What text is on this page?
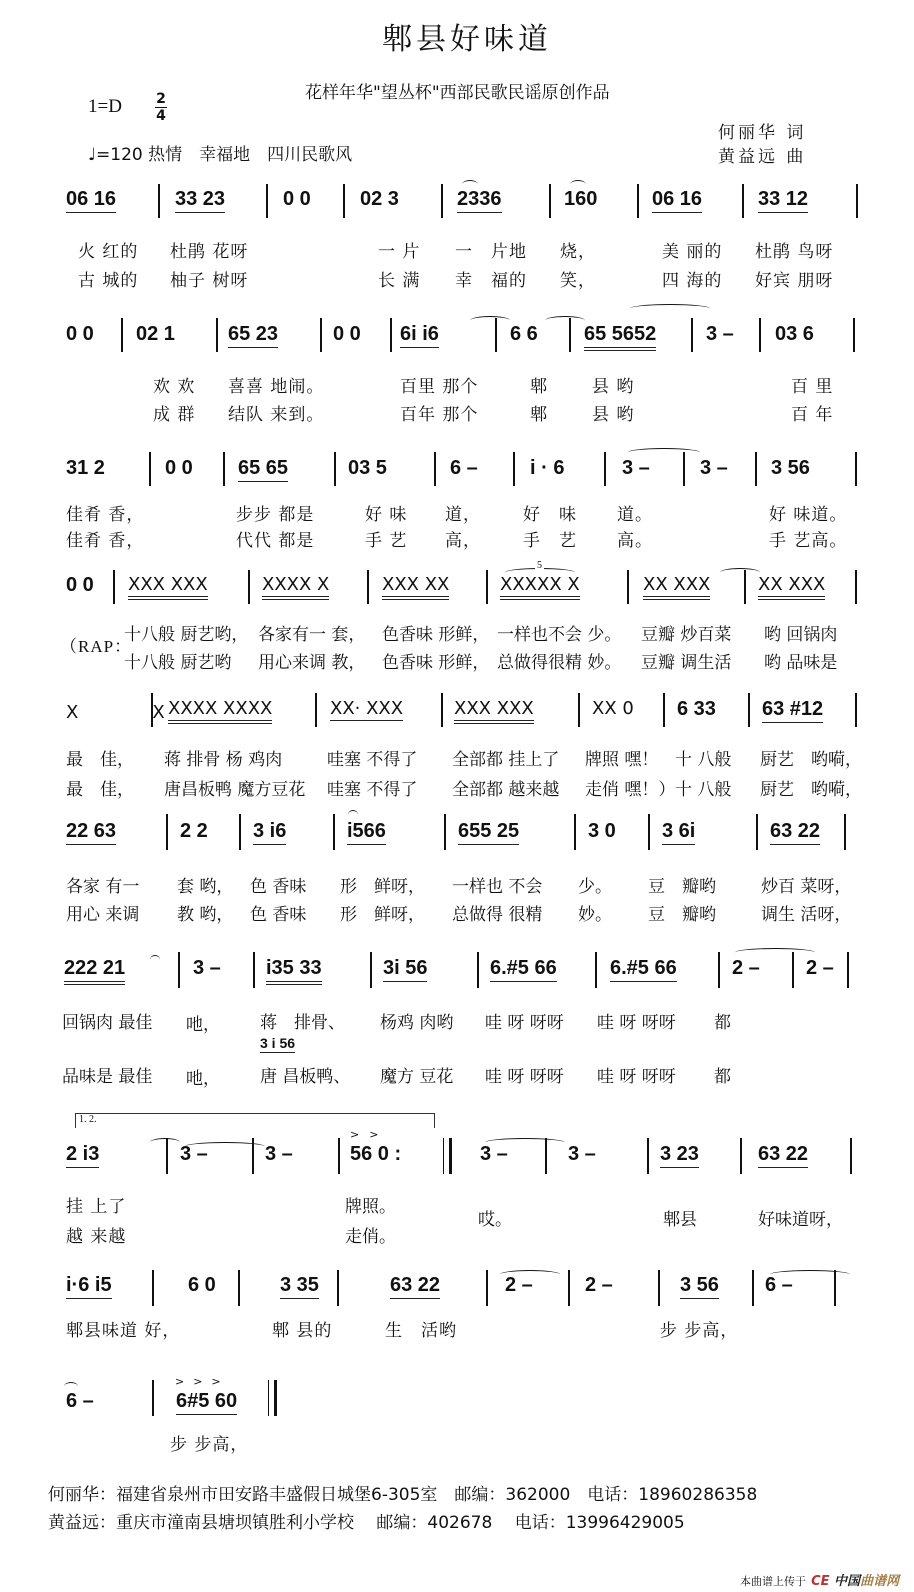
郫县好味道
花样年华"望丛杯"西部民歌民谣原创作品
1=D 2
4
♩=120 热情　幸福地　四川民歌风
何丽华 词
黄益远 曲
06 16	33 23	0 0 02 3	2336	160	06 16	33 12
火 红的 杜鹃 花呀	一 片 一　片地 烧，	美 丽的 杜鹃 鸟呀
古 城的 柚子 树呀	长 满 幸　福的 笑，	四 海的 好宾 朋呀
0 0 02 1	65 23	0 0 6i i6	6 6 65 5652 3 – 03 6
欢 欢 喜喜 地闹。	百里 那个	郫	县 哟	百 里
成 群 结队 来到。	百年 那个	郫	县 哟	百 年
31 2	0 0 65 65	03 5	6 –	i · 6	3 –	3 – 3 56
佳肴 香，	步步 都是	好 味 道， 好　味 道。	好 味道。
佳肴 香，	代代 都是	手 艺 高， 手　艺 高。	手 艺高。
0 0 XXX XXX	XXXX X	XXX XX
5
XXXXX X	XX XXX	XX XXX
（RAP：
十八般 厨艺哟， 各家有一 套， 色香味 形鲜， 一样也不会 少。 豆瓣 炒百菜 哟 回锅肉
十八般 厨艺哟 用心来调 教， 色香味 形鲜， 总做得很精 妙。 豆瓣 调生活 哟 品味是
X　X
XXXX XXXX	XX· XXX	XXX XXX	XX 0 6 33 63 #12
最　佳， 蒋 排骨 杨 鸡肉	哇塞 不得了 全部都 挂上了 牌照 嘿！ 十 八般 厨艺　哟嗬，
最　佳， 唐昌板鸭 魔方豆花 哇塞 不得了 全部都 越来越 走俏 嘿！） 十 八般 厨艺　哟嗬，
22 63	2 2 3 i6	i566	655 25	3 0 3 6i	63 22
各家 有一 套 哟， 色 香味 形　鲜呀， 一样也 不会 少。 豆　瓣哟	炒百 菜呀，
用心 来调 教 哟， 色 香味 形　鲜呀， 总做得 很精 妙。 豆　瓣哟	调生 活呀，
222 21	3 – i35 33	3i 56	6.#5 66	6.#5 66	2 – 2 –
3 i 56
回锅肉 最佳 吔， 蒋　排骨、 杨鸡 肉哟 哇 呀 呀呀 哇 呀 呀呀 都
品味是 最佳 吔， 唐 昌板鸭、 魔方 豆花 哇 呀 呀呀 哇 呀 呀呀 都
1. 2.
2 i3	3 –	3 –
>>
56 0 :	3 –	3 –	3 23	63 22
挂 上了	牌照。
哎。	郫县	好味道呀，
越 来越	走俏。
i·6 i5	6 0	3 35	63 22	2 –	2 –	3 56 6 –
郫县味道 好，	郫 县的	生　活哟	步 步高，
6 –
>>>
6#5 60
步 步高，
何丽华：福建省泉州市田安路丰盛假日城堡6-305室　邮编：362000　电话：18960286358
黄益远：重庆市潼南县塘坝镇胜利小学校　 邮编：402678　 电话：13996429005
本曲谱上传于 CE 中国曲谱网
